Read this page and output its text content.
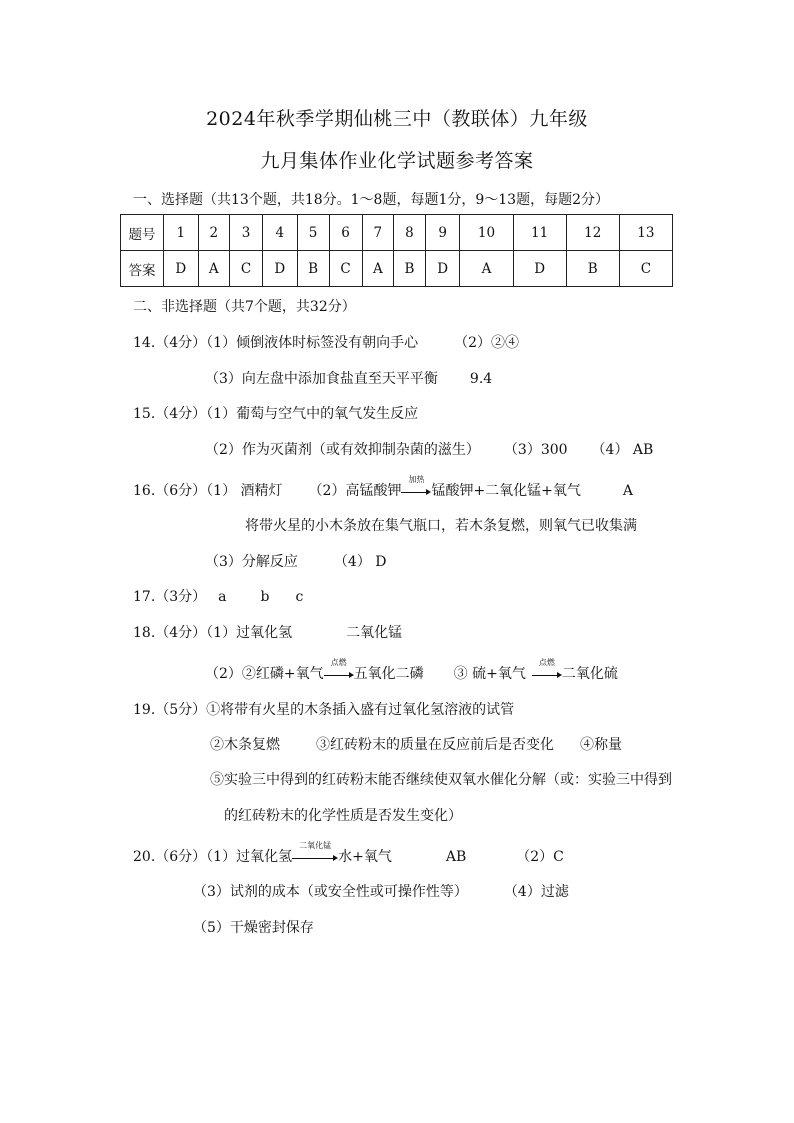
2024年秋季学期仙桃三中（教联体）九年级
九月集体作业化学试题参考答案
一、选择题（共13个题，共18分。1～8题，每题1分，9～13题，每题2分）
题号	1	2	3	4	5	6	7	8	9	10	11	12	13
答案	D	A	C	D	B	C	A	B	D	A	D	B	C
二、非选择题（共7个题，共32分）
14.（4分）（1）倾倒液体时标签没有朝向手心	（2）②④
（3）向左盘中添加食盐直至天平平衡 9.4
15.（4分）（1）葡萄与空气中的氧气发生反应
（2）作为灭菌剂（或有效抑制杂菌的滋生） （3）300 （4） AB
16.（6分）（1） 酒精灯 （2）高锰酸钾
加热
锰酸钾+二氧化锰+氧气	A
将带火星的小木条放在集气瓶口，若木条复燃，则氧气已收集满
（3）分解反应	（4） D
17.（3分） a b c
18.（4分）（1）过氧化氢	二氧化锰
（2）②红磷+氧气
点燃
五氧化二磷 ③ 硫+氧气
点燃
二氧化硫
19.（5分）①将带有火星的木条插入盛有过氧化氢溶液的试管
②木条复燃	③红砖粉末的质量在反应前后是否变化 ④称量
⑤实验三中得到的红砖粉末能否继续使双氧水催化分解（或：实验三中得到
的红砖粉末的化学性质是否发生变化）
20.（6分）（1）过氧化氢
二氧化锰
水+氧气	AB	（2）C
（3）试剂的成本（或安全性或可操作性等）	（4）过滤
（5）干燥密封保存
